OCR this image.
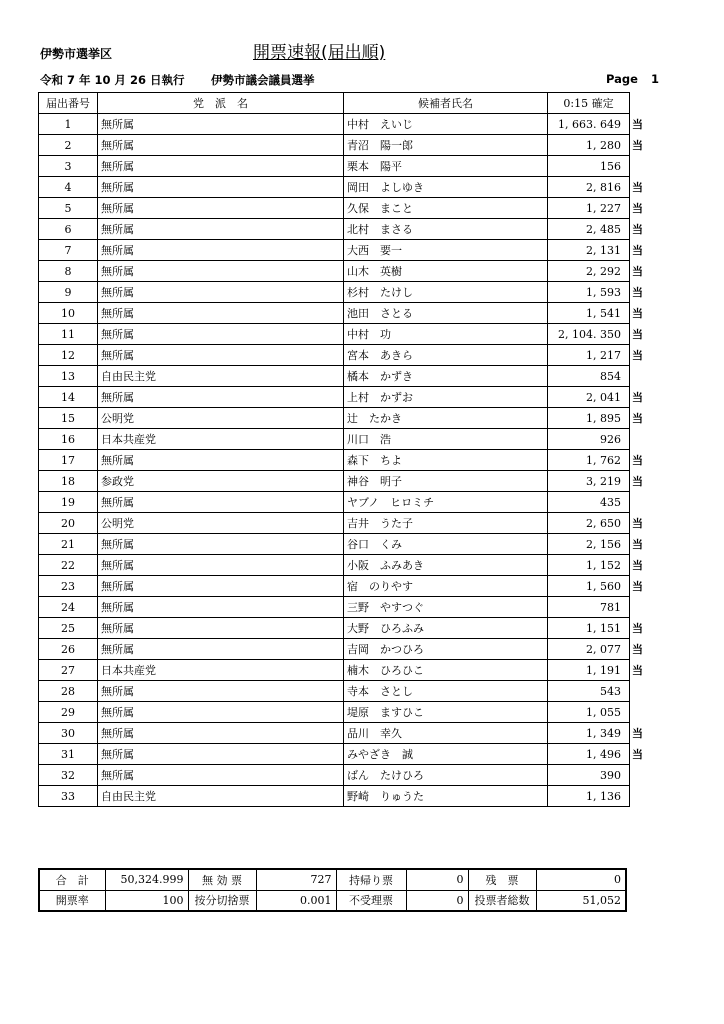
伊勢市選挙区	開票速報(届出順)
令和 7 年 10 月 26 日執行 伊勢市議会議員選挙	Page 1
届出番号	党　派　名	候補者氏名	0:15 確定	
1	無所属	中村　えいじ	1, 663. 649	当
2	無所属	青沼　陽一郎	1, 280	当
3	無所属	栗本　陽平	156	
4	無所属	岡田　よしゆき	2, 816	当
5	無所属	久保　まこと	1, 227	当
6	無所属	北村　まさる	2, 485	当
7	無所属	大西　要一	2, 131	当
8	無所属	山木　英樹	2, 292	当
9	無所属	杉村　たけし	1, 593	当
10	無所属	池田　さとる	1, 541	当
11	無所属	中村　功	2, 104. 350	当
12	無所属	宮本　あきら	1, 217	当
13	自由民主党	橘本　かずき	854	
14	無所属	上村　かずお	2, 041	当
15	公明党	辻　たかき	1, 895	当
16	日本共産党	川口　浩	926	
17	無所属	森下　ちよ	1, 762	当
18	参政党	神谷　明子	3, 219	当
19	無所属	ヤブノ　ヒロミチ	435	
20	公明党	吉井　うた子	2, 650	当
21	無所属	谷口　くみ	2, 156	当
22	無所属	小阪　ふみあき	1, 152	当
23	無所属	宿　のりやす	1, 560	当
24	無所属	三野　やすつぐ	781	
25	無所属	大野　ひろふみ	1, 151	当
26	無所属	吉岡　かつひろ	2, 077	当
27	日本共産党	楠木　ひろひこ	1, 191	当
28	無所属	寺本　さとし	543	
29	無所属	堤原　ますひこ	1, 055	
30	無所属	品川　幸久	1, 349	当
31	無所属	みやざき　誠	1, 496	当
32	無所属	ばん　たけひろ	390	
33	自由民主党	野崎　りゅうた	1, 136	
合　計	50,324.999	無 効 票	727	持帰り票	0	残　票	0
開票率	100	按分切捨票	0.001	不受理票	0	投票者総数	51,052
